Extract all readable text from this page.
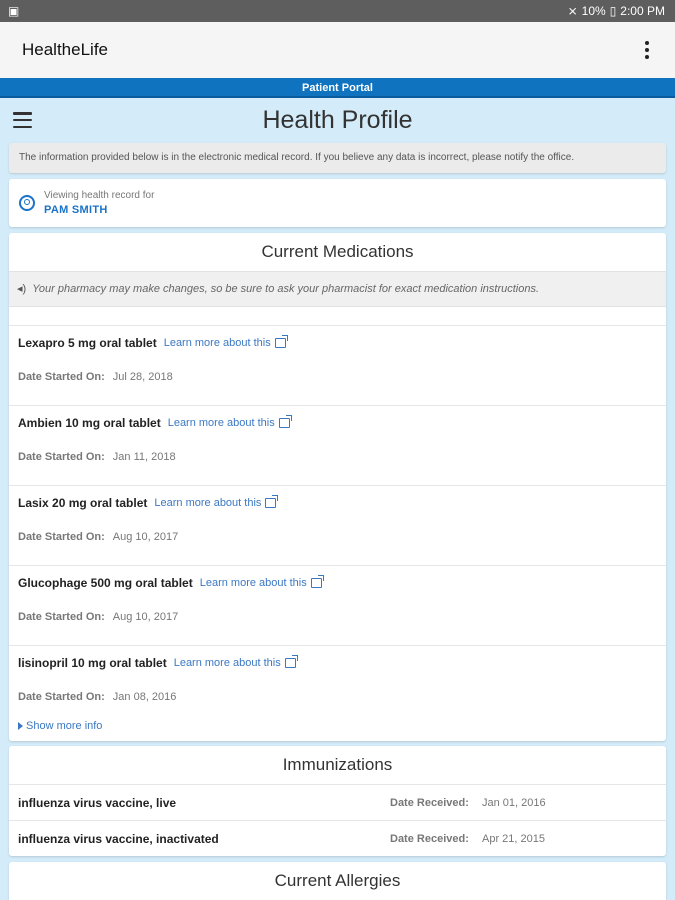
▣	⨯ 10% ▯ 2:00 PM
HealtheLife
Patient Portal
Health Profile
The information provided below is in the electronic medical record. If you believe any data is incorrect, please notify the office.
Viewing health record for
PAM SMITH
Current Medications
◂) Your pharmacy may make changes, so be sure to ask your pharmacist for exact medication instructions.
Lexapro 5 mg oral tablet Learn more about this
Date Started On: Jul 28, 2018
Ambien 10 mg oral tablet Learn more about this
Date Started On: Jan 11, 2018
Lasix 20 mg oral tablet Learn more about this
Date Started On: Aug 10, 2017
Glucophage 500 mg oral tablet Learn more about this
Date Started On: Aug 10, 2017
lisinopril 10 mg oral tablet Learn more about this
Date Started On: Jan 08, 2016
Show more info
Immunizations
influenza virus vaccine, live	Date Received:	Jan 01, 2016
influenza virus vaccine, inactivated	Date Received:	Apr 21, 2015
Current Allergies
